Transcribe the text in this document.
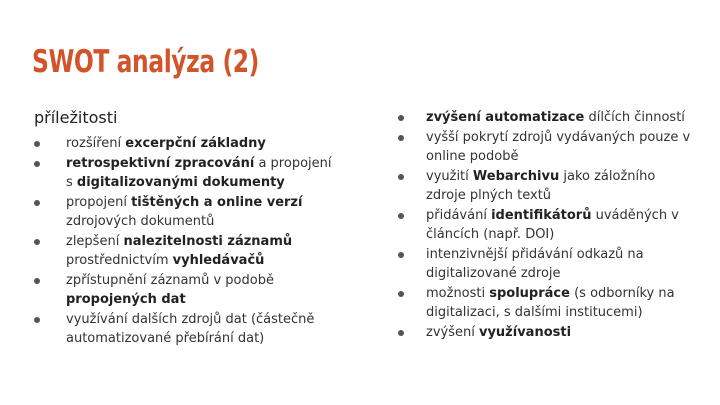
SWOT analýza (2)
příležitosti
rozšíření excerpční základny
retrospektivní zpracování a propojení s digitalizovanými dokumenty
propojení tištěných a online verzí zdrojových dokumentů
zlepšení nalezitelnosti záznamů prostřednictvím vyhledávačů
zpřístupnění záznamů v podobě propojených dat
využívání dalších zdrojů dat (částečně automatizované přebírání dat)
zvýšení automatizace dílčích činností
vyšší pokrytí zdrojů vydávaných pouze v online podobě
využití Webarchivu jako záložního zdroje plných textů
přidávání identifikátorů uváděných v článcích (např. DOI)
intenzivnější přidávání odkazů na digitalizované zdroje
možnosti spolupráce (s odborníky na digitalizaci, s dalšími institucemi)
zvýšení využívanosti
